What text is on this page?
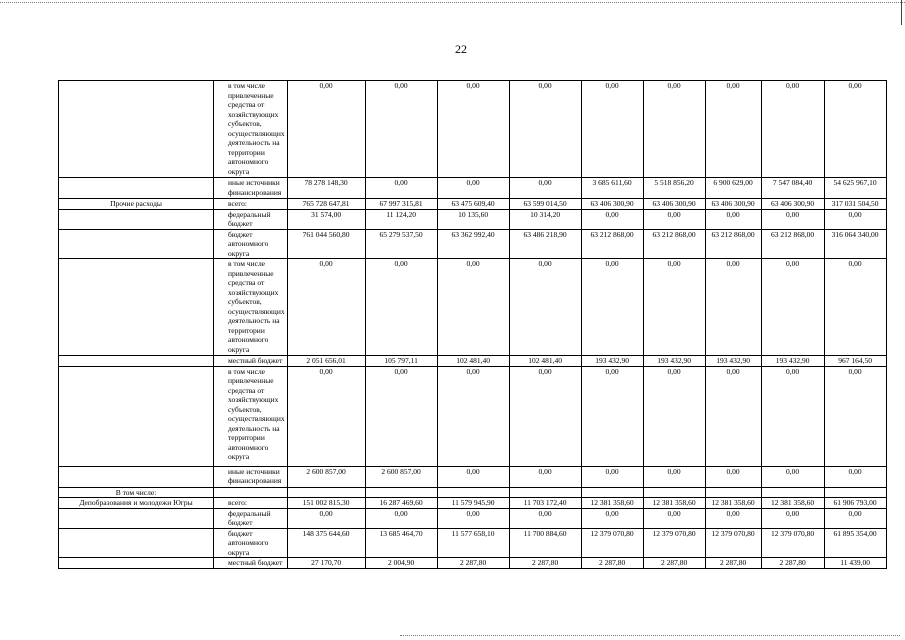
22
	в том числе привлеченные средства от хозяйствующих субъектов, осуществляющих деятельность на территории автономного округа	0,00	0,00	0,00	0,00	0,00	0,00	0,00	0,00	0,00
	иные источники финансирования	78 278 148,30	0,00	0,00	0,00	3 685 611,60	5 518 856,20	6 900 629,00	7 547 084,40	54 625 967,10
Прочие расходы	всего:	765 728 647,81	67 997 315,81	63 475 609,40	63 599 014,50	63 406 300,90	63 406 300,90	63 406 300,90	63 406 300,90	317 031 504,50
	федеральный бюджет	31 574,00	11 124,20	10 135,60	10 314,20	0,00	0,00	0,00	0,00	0,00
	бюджет автономного округа	761 044 560,80	65 279 537,50	63 362 992,40	63 486 218,90	63 212 868,00	63 212 868,00	63 212 868,00	63 212 868,00	316 064 340,00
	в том числе привлеченные средства от хозяйствующих субъектов, осуществляющих деятельность на территории автономного округа	0,00	0,00	0,00	0,00	0,00	0,00	0,00	0,00	0,00
	местный бюджет	2 051 656,01	105 797,11	102 481,40	102 481,40	193 432,90	193 432,90	193 432,90	193 432,90	967 164,50
	в том числе привлеченные средства от хозяйствующих субъектов, осуществляющих деятельность на территории автономного округа	0,00	0,00	0,00	0,00	0,00	0,00	0,00	0,00	0,00
	иные источники финансирования	2 600 857,00	2 600 857,00	0,00	0,00	0,00	0,00	0,00	0,00	0,00
В том числе:										
Депобразования и молодежи Югры	всего:	151 002 815,30	16 287 469,60	11 579 945,90	11 703 172,40	12 381 358,60	12 381 358,60	12 381 358,60	12 381 358,60	61 906 793,00
	федеральный бюджет	0,00	0,00	0,00	0,00	0,00	0,00	0,00	0,00	0,00
	бюджет автономного округа	148 375 644,60	13 685 464,70	11 577 658,10	11 700 884,60	12 379 070,80	12 379 070,80	12 379 070,80	12 379 070,80	61 895 354,00
	местный бюджет	27 170,70	2 004,90	2 287,80	2 287,80	2 287,80	2 287,80	2 287,80	2 287,80	11 439,00
